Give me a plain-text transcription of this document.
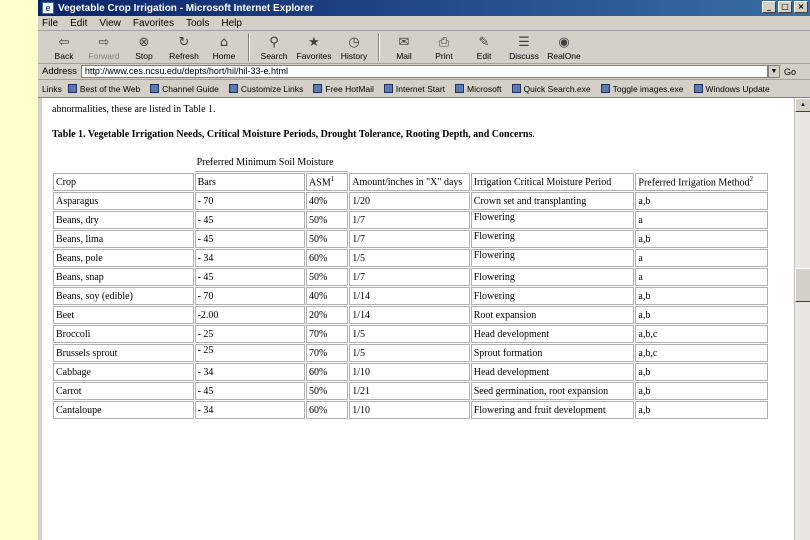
e Vegetable Crop Irrigation - Microsoft Internet Explorer	_	□	×
File Edit View Favorites Tools Help
⇦
Back
⇨
Forward
⊗
Stop
↻
Refresh
⌂
Home
⚲
Search
★
Favorites
◷
History
✉
Mail
⎙
Print
✎
Edit
☰
Discuss
◉
RealOne
Address http://www.ces.ncsu.edu/depts/hort/hil/hil-33-e.html	▼ Go
Links Best of the Web	Channel Guide	Customize Links	Free HotMail	Internet Start	Microsoft	Quick Search.exe	Toggle images.exe	Windows Update
abnormalities, these are listed in Table 1.
Table 1. Vegetable Irrigation Needs, Critical Moisture Periods, Drought Tolerance, Rooting Depth, and Concerns.
	Preferred Minimum Soil Moisture				
Crop	Bars	ASM$^1$	Amount/inches in "X" days	Irrigation Critical Moisture Period	Preferred Irrigation Method$^2$
Asparagus	- 70	40%	1/20	Crown set and transplanting	a,b
Beans, dry	- 45	50%	1/7	Flowering	a
Beans, lima	- 45	50%	1/7	Flowering	a,b
Beans, pole	- 34	60%	1/5	Flowering	a
Beans, snap	- 45	50%	1/7	Flowering	a
Beans, soy (edible)	- 70	40%	1/14	Flowering	a,b
Beet	-2.00	20%	1/14	Root expansion	a,b
Broccoli	- 25	70%	1/5	Head development	a,b,c
Brussels sprout	- 25	70%	1/5	Sprout formation	a,b,c
Cabbage	- 34	60%	1/10	Head development	a,b
Carrot	- 45	50%	1/21	Seed germination, root expansion	a,b
Cantaloupe	- 34	60%	1/10	Flowering and fruit development	a,b
▲
